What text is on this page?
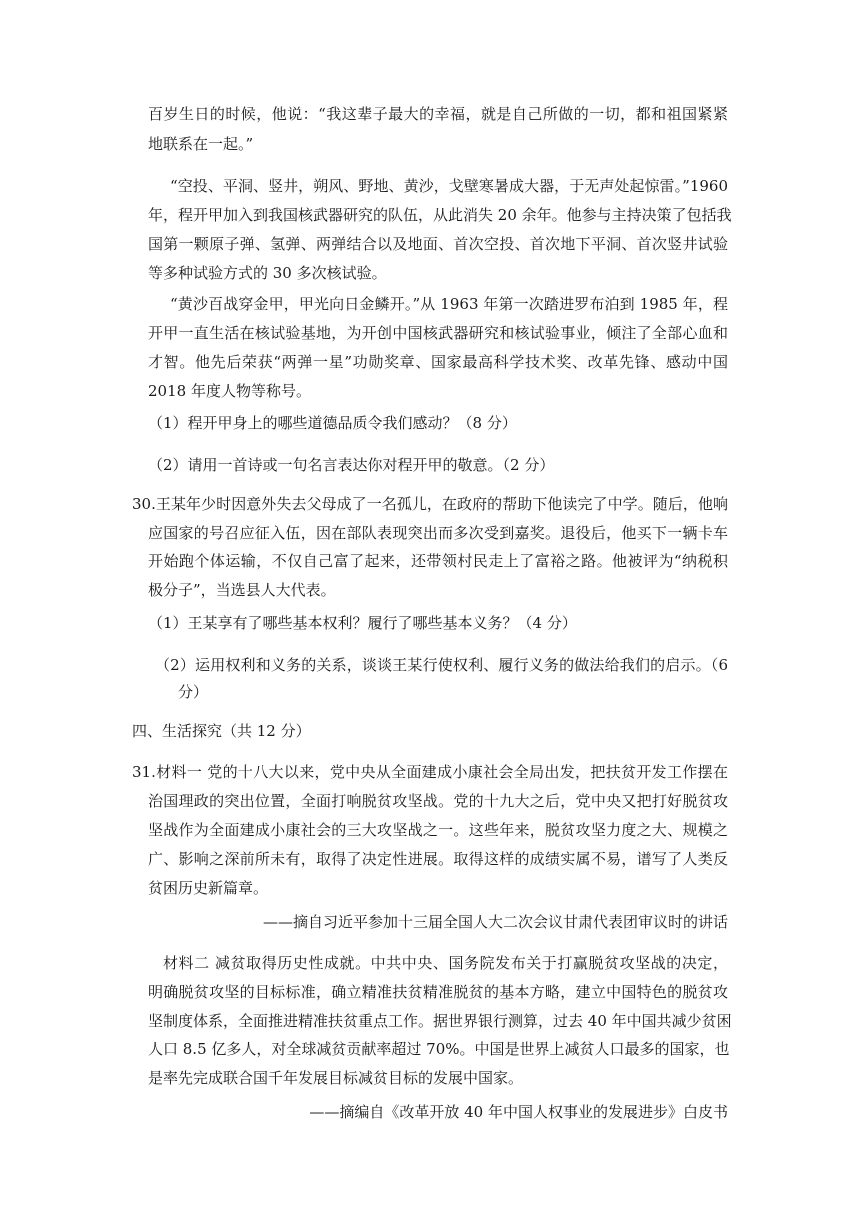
百岁生日的时候，他说：“我这辈子最大的幸福，就是自己所做的一切，都和祖国紧紧
地联系在一起。”
“空投、平洞、竖井，朔风、野地、黄沙，戈壁寒暑成大器，于无声处起惊雷。”1960
年，程开甲加入到我国核武器研究的队伍，从此消失 20 余年。他参与主持决策了包括我
国第一颗原子弹、氢弹、两弹结合以及地面、首次空投、首次地下平洞、首次竖井试验
等多种试验方式的 30 多次核试验。
“黄沙百战穿金甲，甲光向日金鳞开。”从 1963 年第一次踏进罗布泊到 1985 年，程
开甲一直生活在核试验基地，为开创中国核武器研究和核试验事业，倾注了全部心血和
才智。他先后荣获“两弹一星”功勋奖章、国家最高科学技术奖、改革先锋、感动中国
2018 年度人物等称号。
（1）程开甲身上的哪些道德品质令我们感动？（8 分）
（2）请用一首诗或一句名言表达你对程开甲的敬意。（2 分）
30.王某年少时因意外失去父母成了一名孤儿，在政府的帮助下他读完了中学。随后，他响
应国家的号召应征入伍，因在部队表现突出而多次受到嘉奖。退役后，他买下一辆卡车
开始跑个体运输，不仅自己富了起来，还带领村民走上了富裕之路。他被评为“纳税积
极分子”，当选县人大代表。
（1）王某享有了哪些基本权利？履行了哪些基本义务？（4 分）
（2）运用权利和义务的关系，谈谈王某行使权利、履行义务的做法给我们的启示。（6
分）
四、生活探究（共 12 分）
31.材料一 党的十八大以来，党中央从全面建成小康社会全局出发，把扶贫开发工作摆在
治国理政的突出位置，全面打响脱贫攻坚战。党的十九大之后，党中央又把打好脱贫攻
坚战作为全面建成小康社会的三大攻坚战之一。这些年来，脱贫攻坚力度之大、规模之
广、影响之深前所未有，取得了决定性进展。取得这样的成绩实属不易，谱写了人类反
贫困历史新篇章。
——摘自习近平参加十三届全国人大二次会议甘肃代表团审议时的讲话
材料二 减贫取得历史性成就。中共中央、国务院发布关于打赢脱贫攻坚战的决定，
明确脱贫攻坚的目标标准，确立精准扶贫精准脱贫的基本方略，建立中国特色的脱贫攻
坚制度体系，全面推进精准扶贫重点工作。据世界银行测算，过去 40 年中国共减少贫困
人口 8.5 亿多人，对全球减贫贡献率超过 70%。中国是世界上减贫人口最多的国家，也
是率先完成联合国千年发展目标减贫目标的发展中国家。
——摘编自《改革开放 40 年中国人权事业的发展进步》白皮书
